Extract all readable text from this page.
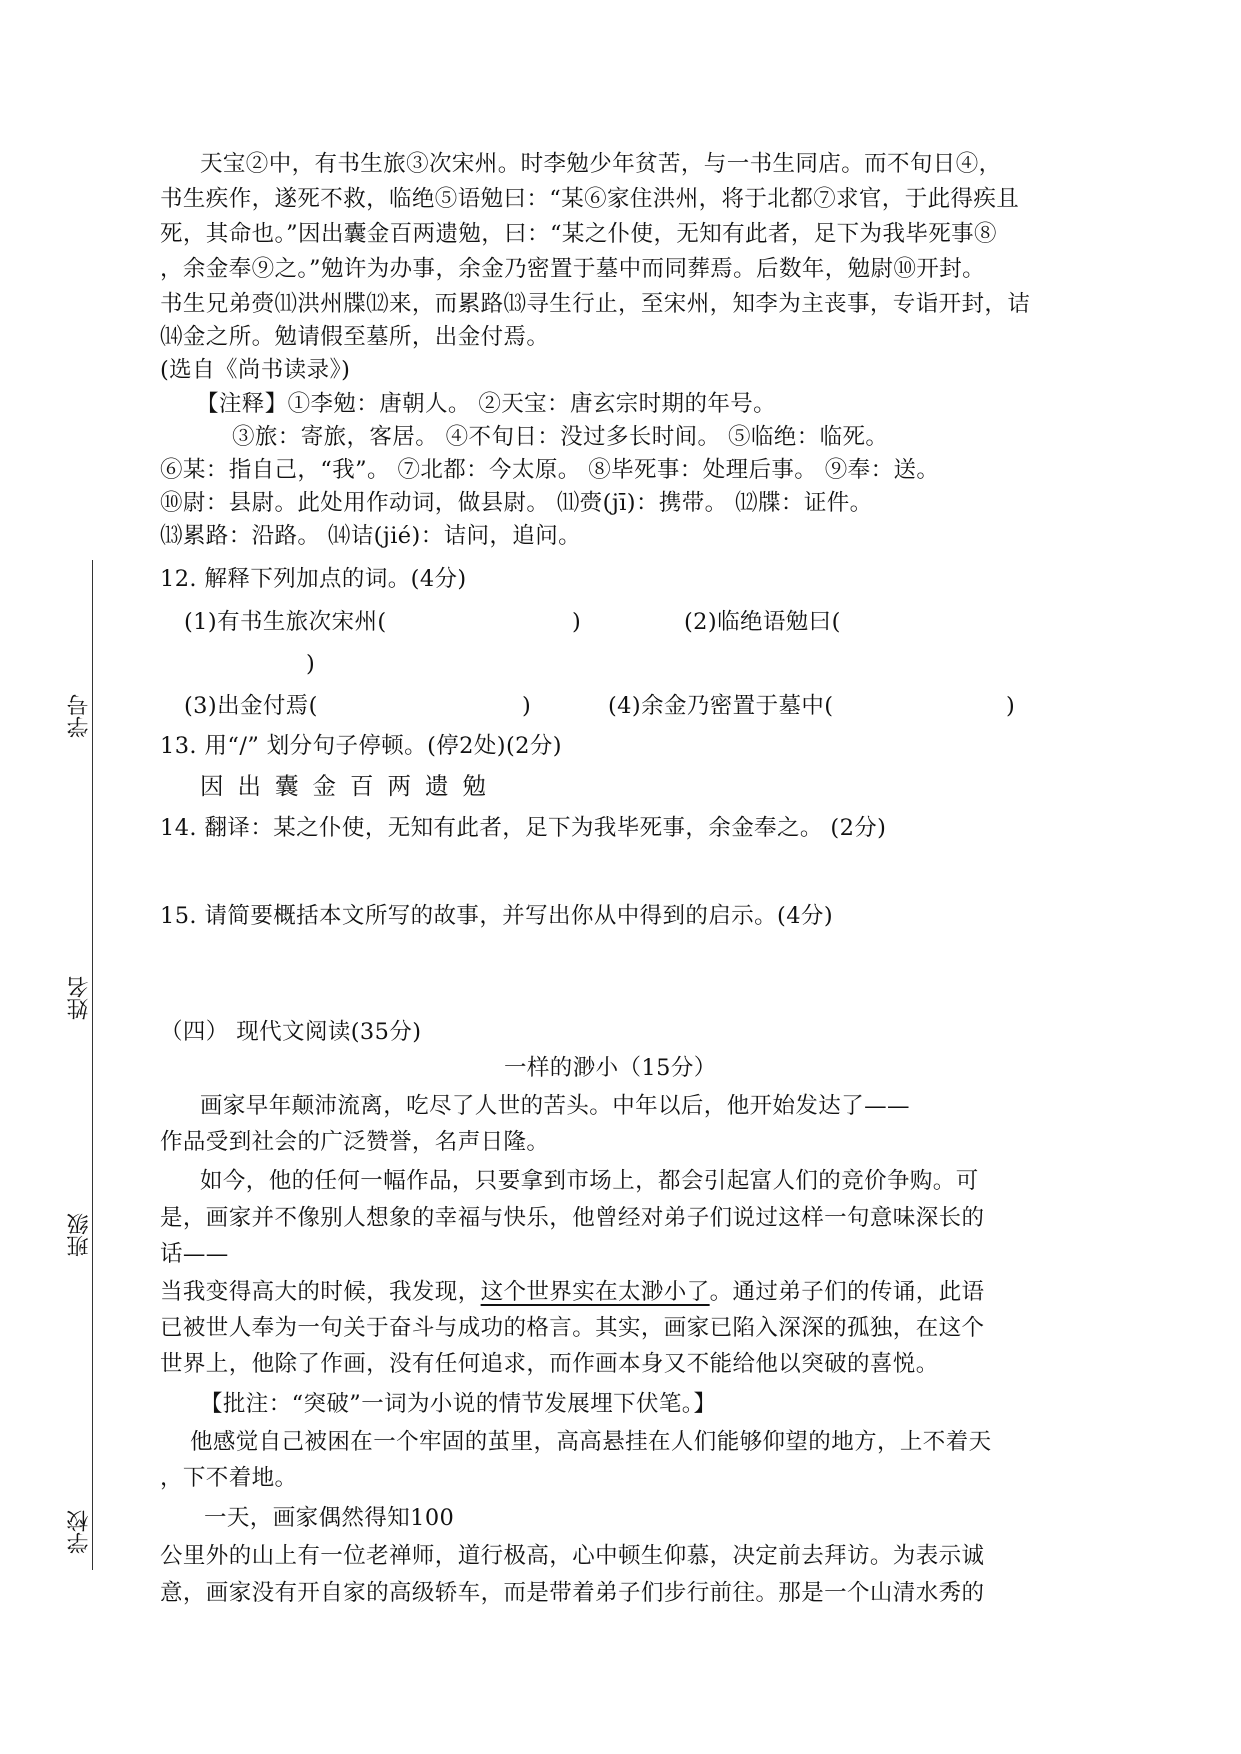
学号
姓名
班级
学校
天宝②中，有书生旅③次宋州。时李勉少年贫苦，与一书生同店。而不旬日④，
书生疾作，遂死不救，临绝⑤语勉曰：“某⑥家住洪州，将于北都⑦求官，于此得疾且
死，其命也。”因出囊金百两遗勉，曰：“某之仆使，无知有此者，足下为我毕死事⑧
，余金奉⑨之。”勉许为办事，余金乃密置于墓中而同葬焉。后数年，勉尉⑩开封。
书生兄弟赍⑾洪州牒⑿来，而累路⒀寻生行止，至宋州，知李为主丧事，专诣开封，诘
⒁金之所。勉请假至墓所，出金付焉。
(选自《尚书读录》)
【注释】①李勉：唐朝人。 ②天宝：唐玄宗时期的年号。
③旅：寄旅，客居。 ④不旬日：没过多长时间。 ⑤临绝：临死。
⑥某：指自己，“我”。 ⑦北都：今太原。 ⑧毕死事：处理后事。 ⑨奉：送。
⑩尉：县尉。此处用作动词，做县尉。 ⑾赍(jī)：携带。 ⑿牒：证件。
⒀累路：沿路。 ⒁诘(jié)：诘问，追问。
12. 解释下列加点的词。(4分)
(1)有书生旅次宋州(	)	(2)临绝语勉曰(
)
(3)出金付焉(	)	(4)余金乃密置于墓中(	)
13. 用“/” 划分句子停顿。(停2处)(2分)
因出囊金百两遗勉
14. 翻译：某之仆使，无知有此者，足下为我毕死事，余金奉之。 (2分)
15. 请简要概括本文所写的故事，并写出你从中得到的启示。(4分)
（四） 现代文阅读(35分)
一样的渺小（15分）
画家早年颠沛流离，吃尽了人世的苦头。中年以后，他开始发达了——
作品受到社会的广泛赞誉，名声日隆。
如今，他的任何一幅作品，只要拿到市场上，都会引起富人们的竞价争购。可
是，画家并不像别人想象的幸福与快乐，他曾经对弟子们说过这样一句意味深长的
话——
当我变得高大的时候，我发现，这个世界实在太渺小了。通过弟子们的传诵，此语
已被世人奉为一句关于奋斗与成功的格言。其实，画家已陷入深深的孤独，在这个
世界上，他除了作画，没有任何追求，而作画本身又不能给他以突破的喜悦。
【批注：“突破”一词为小说的情节发展埋下伏笔。】
他感觉自己被困在一个牢固的茧里，高高悬挂在人们能够仰望的地方，上不着天
，下不着地。
一天，画家偶然得知100
公里外的山上有一位老禅师，道行极高，心中顿生仰慕，决定前去拜访。为表示诚
意，画家没有开自家的高级轿车，而是带着弟子们步行前往。那是一个山清水秀的
